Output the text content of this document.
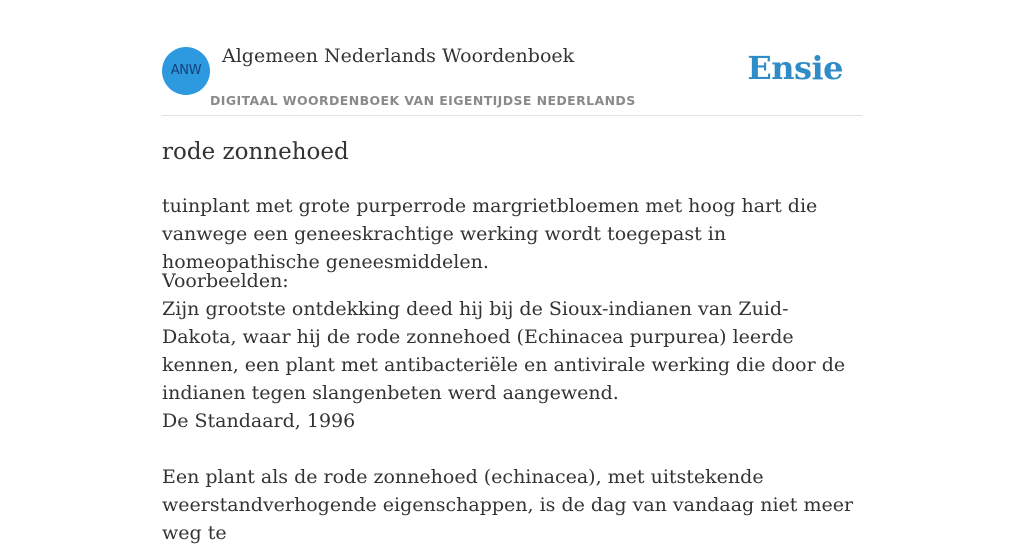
ANW
Algemeen Nederlands Woordenboek
DIGITAAL WOORDENBOEK VAN EIGENTIJDSE NEDERLANDS
Ensie
rode zonnehoed

tuinplant met grote purperrode margrietbloemen met hoog hart die vanwege een geneeskrachtige werking wordt toegepast in homeopathische geneesmiddelen.

Voorbeelden:
Zijn grootste ontdekking deed hij bij de Sioux-indianen van Zuid-Dakota, waar hij de rode zonnehoed (Echinacea purpurea) leerde kennen, een plant met antibacteriële en antivirale werking die door de indianen tegen slangenbeten werd aangewend.
De Standaard, 1996
Een plant als de rode zonnehoed (echinacea), met uitstekende weerstandverhogende eigenschappen, is de dag van vandaag niet meer weg te
